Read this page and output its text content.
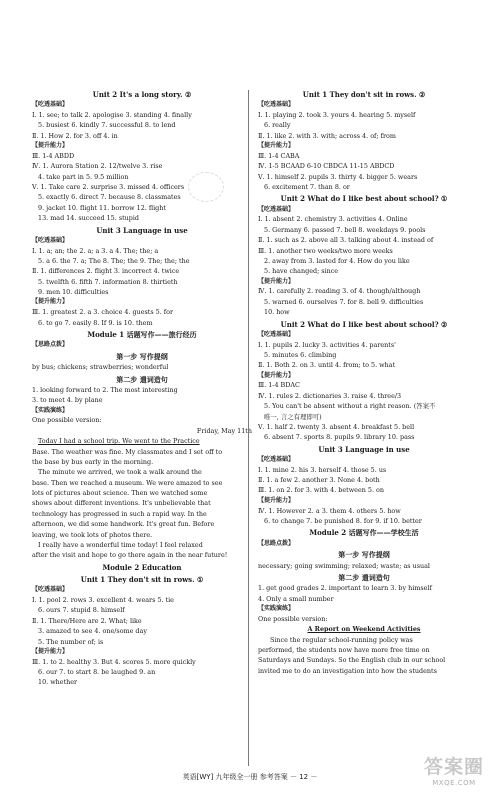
Unit 2 It's a long story. ②
【吃透基础】
Ⅰ. 1. see; to talk 2. apologise 3. standing 4. finally
5. busiest 6. kindly 7. successful 8. to lend
Ⅱ. 1. How 2. for 3. off 4. in
【提升能力】
Ⅲ. 1-4 ABDD
Ⅳ. 1. Aurora Station 2. 12/twelve 3. rise
4. take part in 5. 9.5 million
Ⅴ. 1. Take care 2. surprise 3. missed 4. officers
5. exactly 6. direct 7. because 8. classmates
9. jacket 10. flight 11. borrow 12. flight
13. mad 14. succeed 15. stupid
Unit 3 Language in use
【吃透基础】
Ⅰ. 1. a; an; the 2. a; a 3. a 4. The; the; a
5. a 6. the 7. a; The 8. The; the 9. The; the; the
Ⅱ. 1. differences 2. flight 3. incorrect 4. twice
5. twelfth 6. fifth 7. information 8. thirtieth
9. men 10. difficulties
【提升能力】
Ⅲ. 1. greatest 2. a 3. choice 4. guests 5. for
6. to go 7. easily 8. If 9. is 10. them
Module 1 话题写作——旅行经历
【思路点拨】
第一步 写作提纲
by bus; chickens; strawberries; wonderful
第二步 遣词造句
1. looking forward to 2. The most interesting
3. to meet 4. by plane
【实践演练】
One possible version:
Friday, May 11th
Today I had a school trip. We went to the Practice
Base. The weather was fine. My classmates and I set off to
the base by bus early in the morning.
The minute we arrived, we took a walk around the
base. Then we reached a museum. We were amazed to see
lots of pictures about science. Then we watched some
shows about different inventions. It's unbelievable that
technology has progressed in such a rapid way. In the
afternoon, we did some handwork. It's great fun. Before
leaving, we took lots of photos there.
I really have a wonderful time today! I feel relaxed
after the visit and hope to go there again in the near future!
Module 2 Education
Unit 1 They don't sit in rows. ①
【吃透基础】
Ⅰ. 1. pool 2. rows 3. excellent 4. wears 5. tie
6. ours 7. stupid 8. himself
Ⅱ. 1. There/Here are 2. What; like
3. amazed to see 4. one/some day
5. The number of; is
【提升能力】
Ⅲ. 1. to 2. healthy 3. But 4. scores 5. more quickly
6. our 7. to start 8. be laughed 9. an
10. whether
Unit 1 They don't sit in rows. ②
【吃透基础】
Ⅰ. 1. playing 2. took 3. yours 4. hearing 5. myself
6. really
Ⅱ. 1. like 2. with 3. with; across 4. of; from
【提升能力】
Ⅲ. 1-4 CABA
Ⅳ. 1-5 BCAAD 6-10 CBDCA 11-15 ABDCD
Ⅴ. 1. himself 2. pupils 3. thirty 4. bigger 5. wears
6. excitement 7. than 8. or
Unit 2 What do I like best about school? ①
【吃透基础】
Ⅰ. 1. absent 2. chemistry 3. activities 4. Online
5. Germany 6. passed 7. bell 8. weekdays 9. pools
Ⅱ. 1. such as 2. above all 3. talking about 4. instead of
Ⅲ. 1. another two weeks/two more weeks
2. away from 3. lasted for 4. How do you like
5. have changed; since
【提升能力】
Ⅳ. 1. carefully 2. reading 3. of 4. though/although
5. warned 6. ourselves 7. for 8. bell 9. difficulties
10. how
Unit 2 What do I like best about school? ②
【吃透基础】
Ⅰ. 1. pupils 2. lucky 3. activities 4. parents'
5. minutes 6. climbing
Ⅱ. 1. Both 2. on 3. until 4. from; to 5. what
【提升能力】
Ⅲ. 1-4 BDAC
Ⅳ. 1. rules 2. dictionaries 3. raise 4. three/3
5. You can't be absent without a right reason. (答案不
唯一, 言之有理即可)
Ⅴ. 1. half 2. twenty 3. absent 4. breakfast 5. bell
6. absent 7. sports 8. pupils 9. library 10. pass
Unit 3 Language in use
【吃透基础】
Ⅰ. 1. mine 2. his 3. herself 4. those 5. us
Ⅱ. 1. a few 2. another 3. None 4. both
Ⅲ. 1. on 2. for 3. with 4. between 5. on
【提升能力】
Ⅳ. 1. However 2. a 3. them 4. others 5. how
6. to change 7. be punished 8. for 9. if 10. better
Module 2 话题写作——学校生活
【思路点拨】
第一步 写作提纲
necessary; going swimming; relaxed; waste; as usual
第二步 遣词造句
1. get good grades 2. important to learn 3. by himself
4. Only a small number
【实践演练】
One possible version:
A Report on Weekend Activities
Since the regular school-running policy was
performed, the students now have more free time on
Saturdays and Sundays. So the English club in our school
invited me to do an investigation into how the students
英语[WY] 九年级全一册 参考答案 － 12 －	答案圈
MXQE.COM
